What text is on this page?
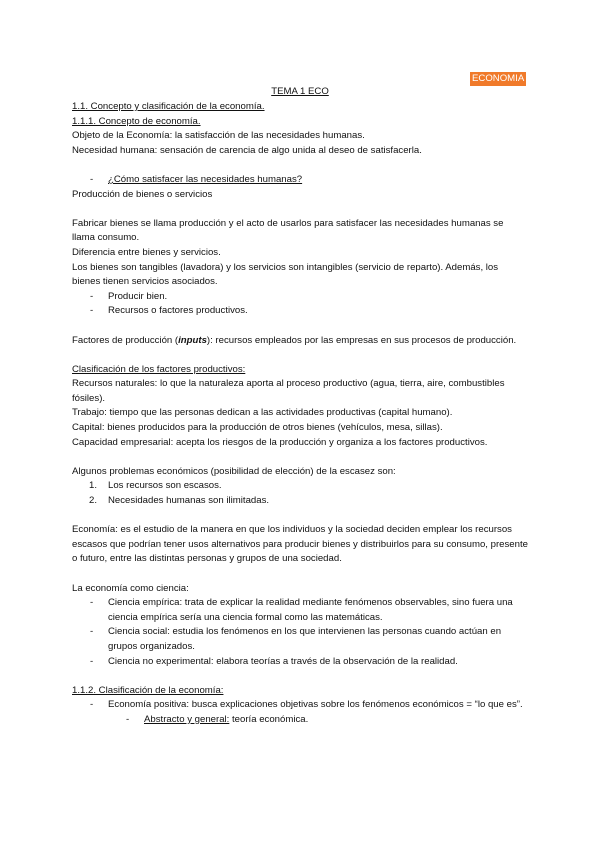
ECONOMIA
TEMA 1 ECO

1.1. Concepto y clasificación de la economía.

1.1.1. Concepto de economía.

Objeto de la Economía: la satisfacción de las necesidades humanas.

Necesidad humana: sensación de carencia de algo unida al deseo de satisfacerla.

- ¿Cómo satisfacer las necesidades humanas?

Producción de bienes o servicios

Fabricar bienes se llama producción y el acto de usarlos para satisfacer las necesidades humanas se llama consumo.

Diferencia entre bienes y servicios.

Los bienes son tangibles (lavadora) y los servicios son intangibles (servicio de reparto). Además, los bienes tienen servicios asociados.

- Producir bien.
- Recursos o factores productivos.

Factores de producción (inputs): recursos empleados por las empresas en sus procesos de producción.

Clasificación de los factores productivos:

Recursos naturales: lo que la naturaleza aporta al proceso productivo (agua, tierra, aire, combustibles fósiles).

Trabajo: tiempo que las personas dedican a las actividades productivas (capital humano).

Capital: bienes producidos para la producción de otros bienes (vehículos, mesa, sillas).

Capacidad empresarial: acepta los riesgos de la producción y organiza a los factores productivos.

Algunos problemas económicos (posibilidad de elección) de la escasez son:

1. Los recursos son escasos.
2. Necesidades humanas son ilimitadas.

Economía: es el estudio de la manera en que los individuos y la sociedad deciden emplear los recursos escasos que podrían tener usos alternativos para producir bienes y distribuirlos para su consumo, presente o futuro, entre las distintas personas y grupos de una sociedad.

La economía como ciencia:

- Ciencia empírica: trata de explicar la realidad mediante fenómenos observables, sino fuera una ciencia empírica sería una ciencia formal como las matemáticas.
- Ciencia social: estudia los fenómenos en los que intervienen las personas cuando actúan en grupos organizados.
- Ciencia no experimental: elabora teorías a través de la observación de la realidad.

1.1.2. Clasificación de la economía:

- Economía positiva: busca explicaciones objetivas sobre los fenómenos económicos = “lo que es”.
- Abstracto y general: teoría económica.
